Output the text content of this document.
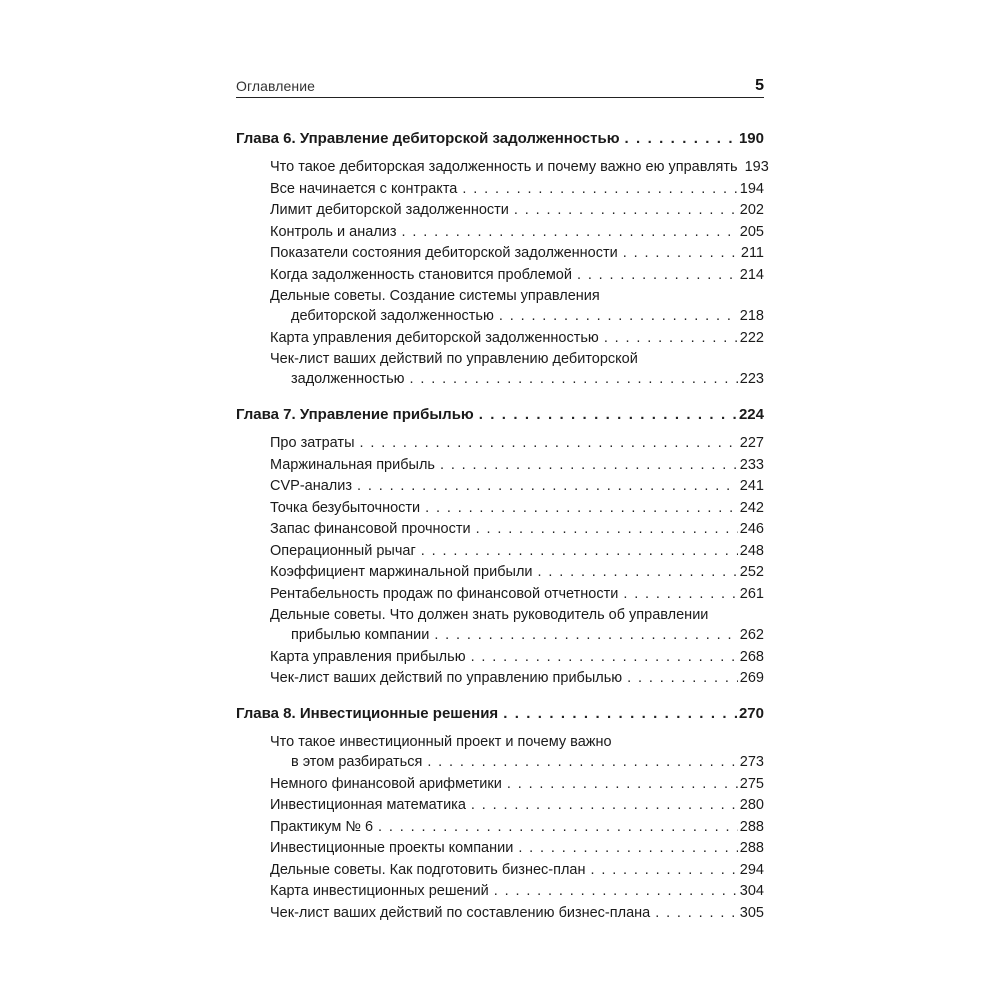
Оглавление	5
Глава 6. Управление дебиторской задолженностью . . .	190
Что такое дебиторская задолженность и почему важно ею управлять 193
Все начинается с контракта . . .	194
Лимит дебиторской задолженности . . .	202
Контроль и анализ . . .	205
Показатели состояния дебиторской задолженности . . .	211
Когда задолженность становится проблемой . . .	214
Дельные советы. Создание системы управления
дебиторской задолженностью . . .	218
Карта управления дебиторской задолженностью . . .	222
Чек-лист ваших действий по управлению дебиторской
задолженностью . . .	223
Глава 7. Управление прибылью . . .	224
Про затраты . . .	227
Маржинальная прибыль . . .	233
CVP-анализ . . .	241
Точка безубыточности . . .	242
Запас финансовой прочности . . .	246
Операционный рычаг . . .	248
Коэффициент маржинальной прибыли . . .	252
Рентабельность продаж по финансовой отчетности . . .	261
Дельные советы. Что должен знать руководитель об управлении
прибылью компании . . .	262
Карта управления прибылью . . .	268
Чек-лист ваших действий по управлению прибылью . . .	269
Глава 8. Инвестиционные решения . . .	270
Что такое инвестиционный проект и почему важно
в этом разбираться . . .	273
Немного финансовой арифметики . . .	275
Инвестиционная математика . . .	280
Практикум № 6 . . .	288
Инвестиционные проекты компании . . .	288
Дельные советы. Как подготовить бизнес-план . . .	294
Карта инвестиционных решений . . .	304
Чек-лист ваших действий по составлению бизнес-плана . . .	305
